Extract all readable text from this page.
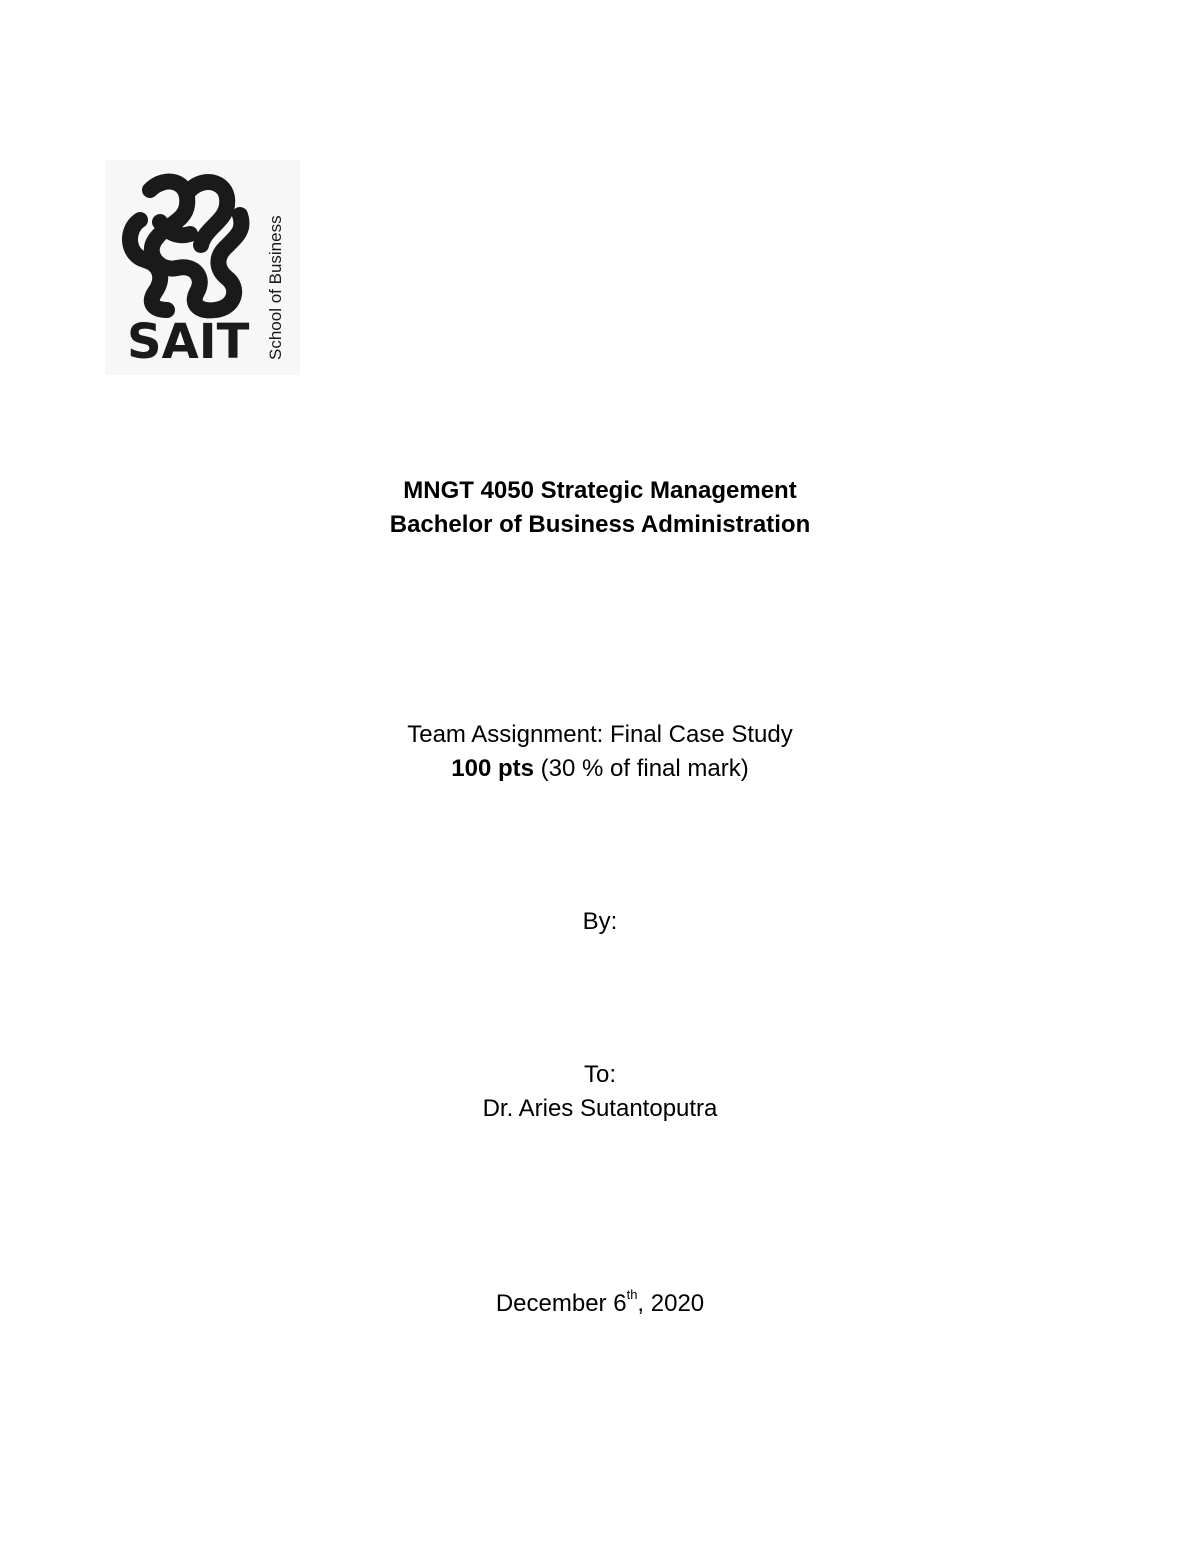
SAIT School of Business
MNGT 4050 Strategic Management
Bachelor of Business Administration
Team Assignment: Final Case Study
100 pts (30 % of final mark)
By:
To:
Dr. Aries Sutantoputra
December 6th, 2020
